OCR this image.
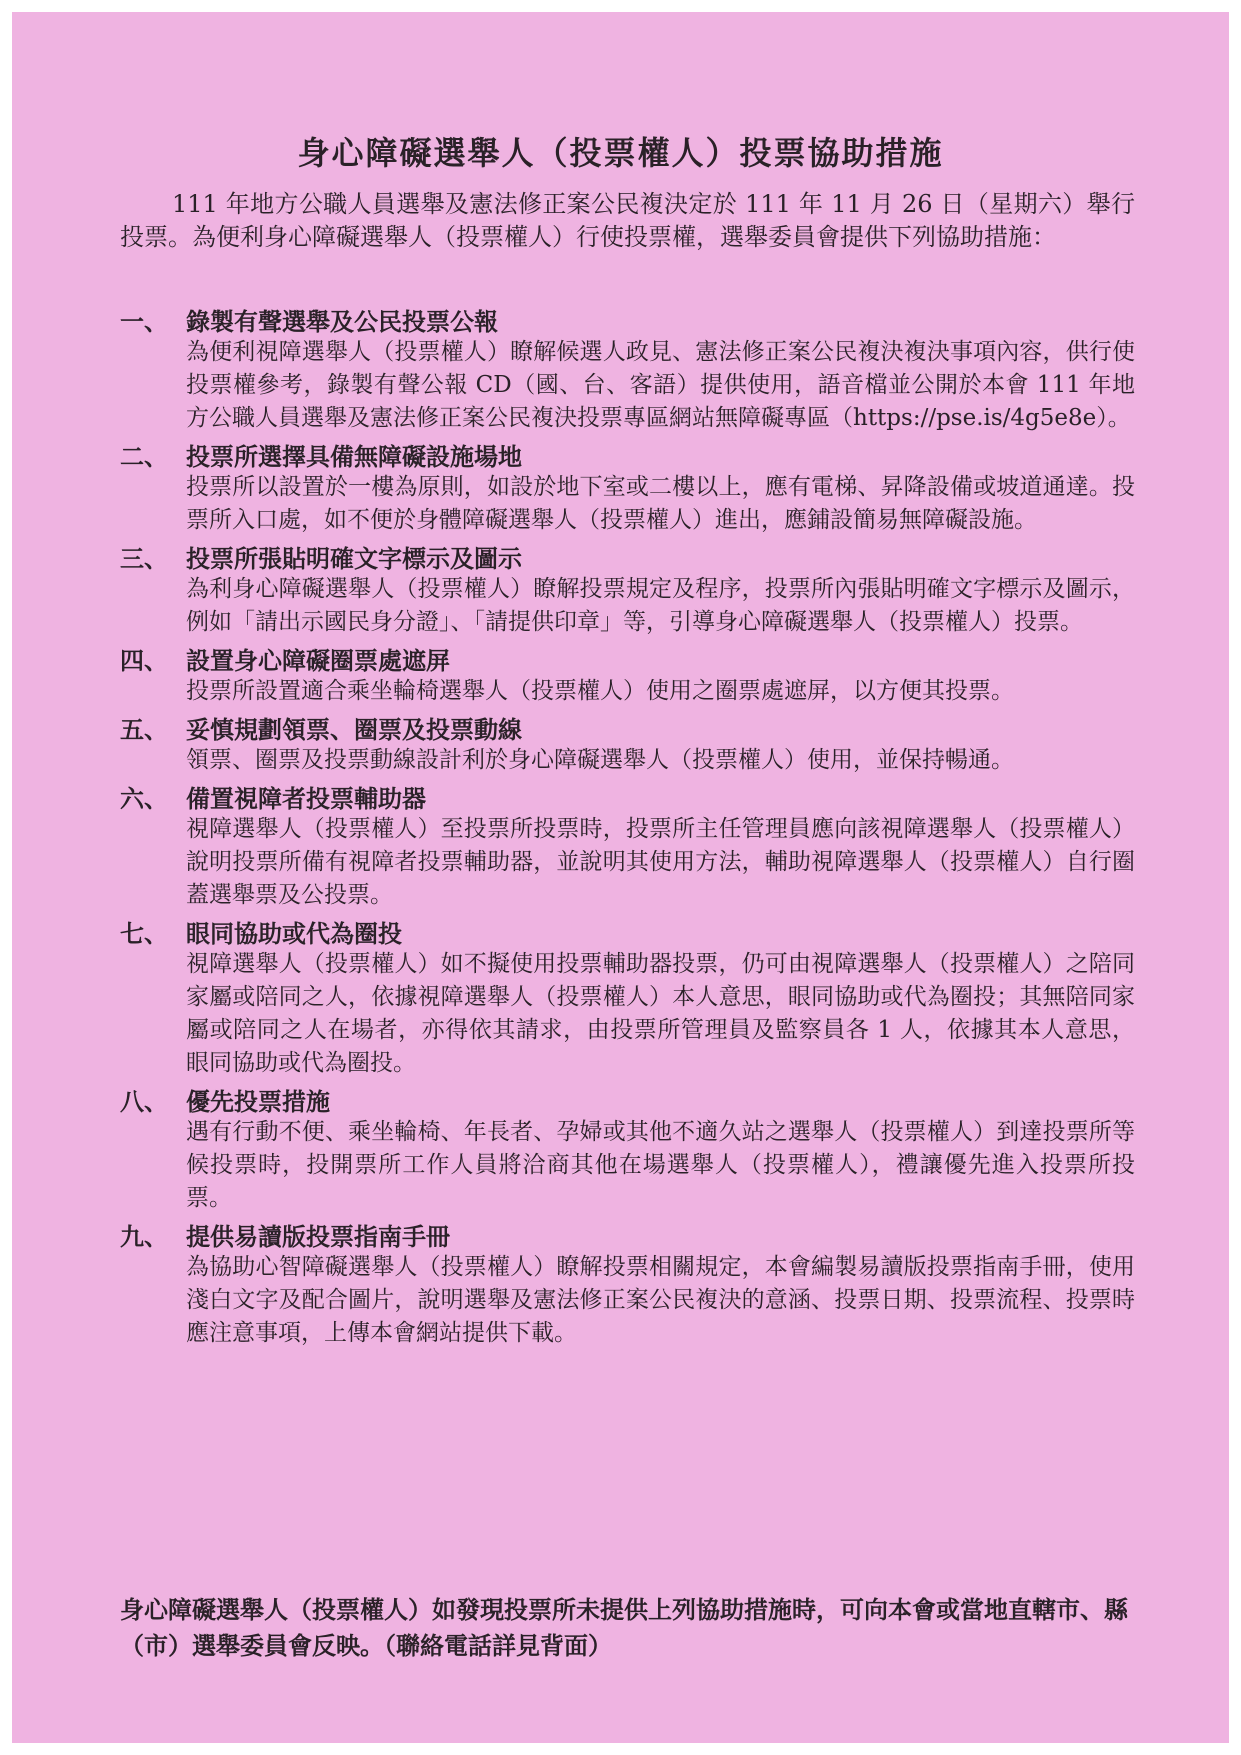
身心障礙選舉人（投票權人）投票協助措施

111 年地方公職人員選舉及憲法修正案公民複決定於 111 年 11 月 26 日（星期六）舉行投票。為便利身心障礙選舉人（投票權人）行使投票權，選舉委員會提供下列協助措施：

一、 錄製有聲選舉及公民投票公報

為便利視障選舉人（投票權人）瞭解候選人政見、憲法修正案公民複決複決事項內容，供行使投票權參考，錄製有聲公報 CD（國、台、客語）提供使用，語音檔並公開於本會 111 年地方公職人員選舉及憲法修正案公民複決投票專區網站無障礙專區（https://pse.is/4g5e8e）。

二、 投票所選擇具備無障礙設施場地

投票所以設置於一樓為原則，如設於地下室或二樓以上，應有電梯、昇降設備或坡道通達。投票所入口處，如不便於身體障礙選舉人（投票權人）進出，應鋪設簡易無障礙設施。

三、 投票所張貼明確文字標示及圖示

為利身心障礙選舉人（投票權人）瞭解投票規定及程序，投票所內張貼明確文字標示及圖示，例如「請出示國民身分證」、「請提供印章」等，引導身心障礙選舉人（投票權人）投票。

四、 設置身心障礙圈票處遮屏

投票所設置適合乘坐輪椅選舉人（投票權人）使用之圈票處遮屏，以方便其投票。

五、 妥慎規劃領票、圈票及投票動線

領票、圈票及投票動線設計利於身心障礙選舉人（投票權人）使用，並保持暢通。

六、 備置視障者投票輔助器

視障選舉人（投票權人）至投票所投票時，投票所主任管理員應向該視障選舉人（投票權人）說明投票所備有視障者投票輔助器，並說明其使用方法，輔助視障選舉人（投票權人）自行圈蓋選舉票及公投票。

七、 眼同協助或代為圈投

視障選舉人（投票權人）如不擬使用投票輔助器投票，仍可由視障選舉人（投票權人）之陪同家屬或陪同之人，依據視障選舉人（投票權人）本人意思，眼同協助或代為圈投；其無陪同家屬或陪同之人在場者，亦得依其請求，由投票所管理員及監察員各 1 人，依據其本人意思，眼同協助或代為圈投。

八、 優先投票措施

遇有行動不便、乘坐輪椅、年長者、孕婦或其他不適久站之選舉人（投票權人）到達投票所等候投票時，投開票所工作人員將洽商其他在場選舉人（投票權人），禮讓優先進入投票所投票。

九、 提供易讀版投票指南手冊

為協助心智障礙選舉人（投票權人）瞭解投票相關規定，本會編製易讀版投票指南手冊，使用淺白文字及配合圖片，說明選舉及憲法修正案公民複決的意涵、投票日期、投票流程、投票時應注意事項，上傳本會網站提供下載。

身心障礙選舉人（投票權人）如發現投票所未提供上列協助措施時，可向本會或當地直轄市、縣（市）選舉委員會反映。（聯絡電話詳見背面）
